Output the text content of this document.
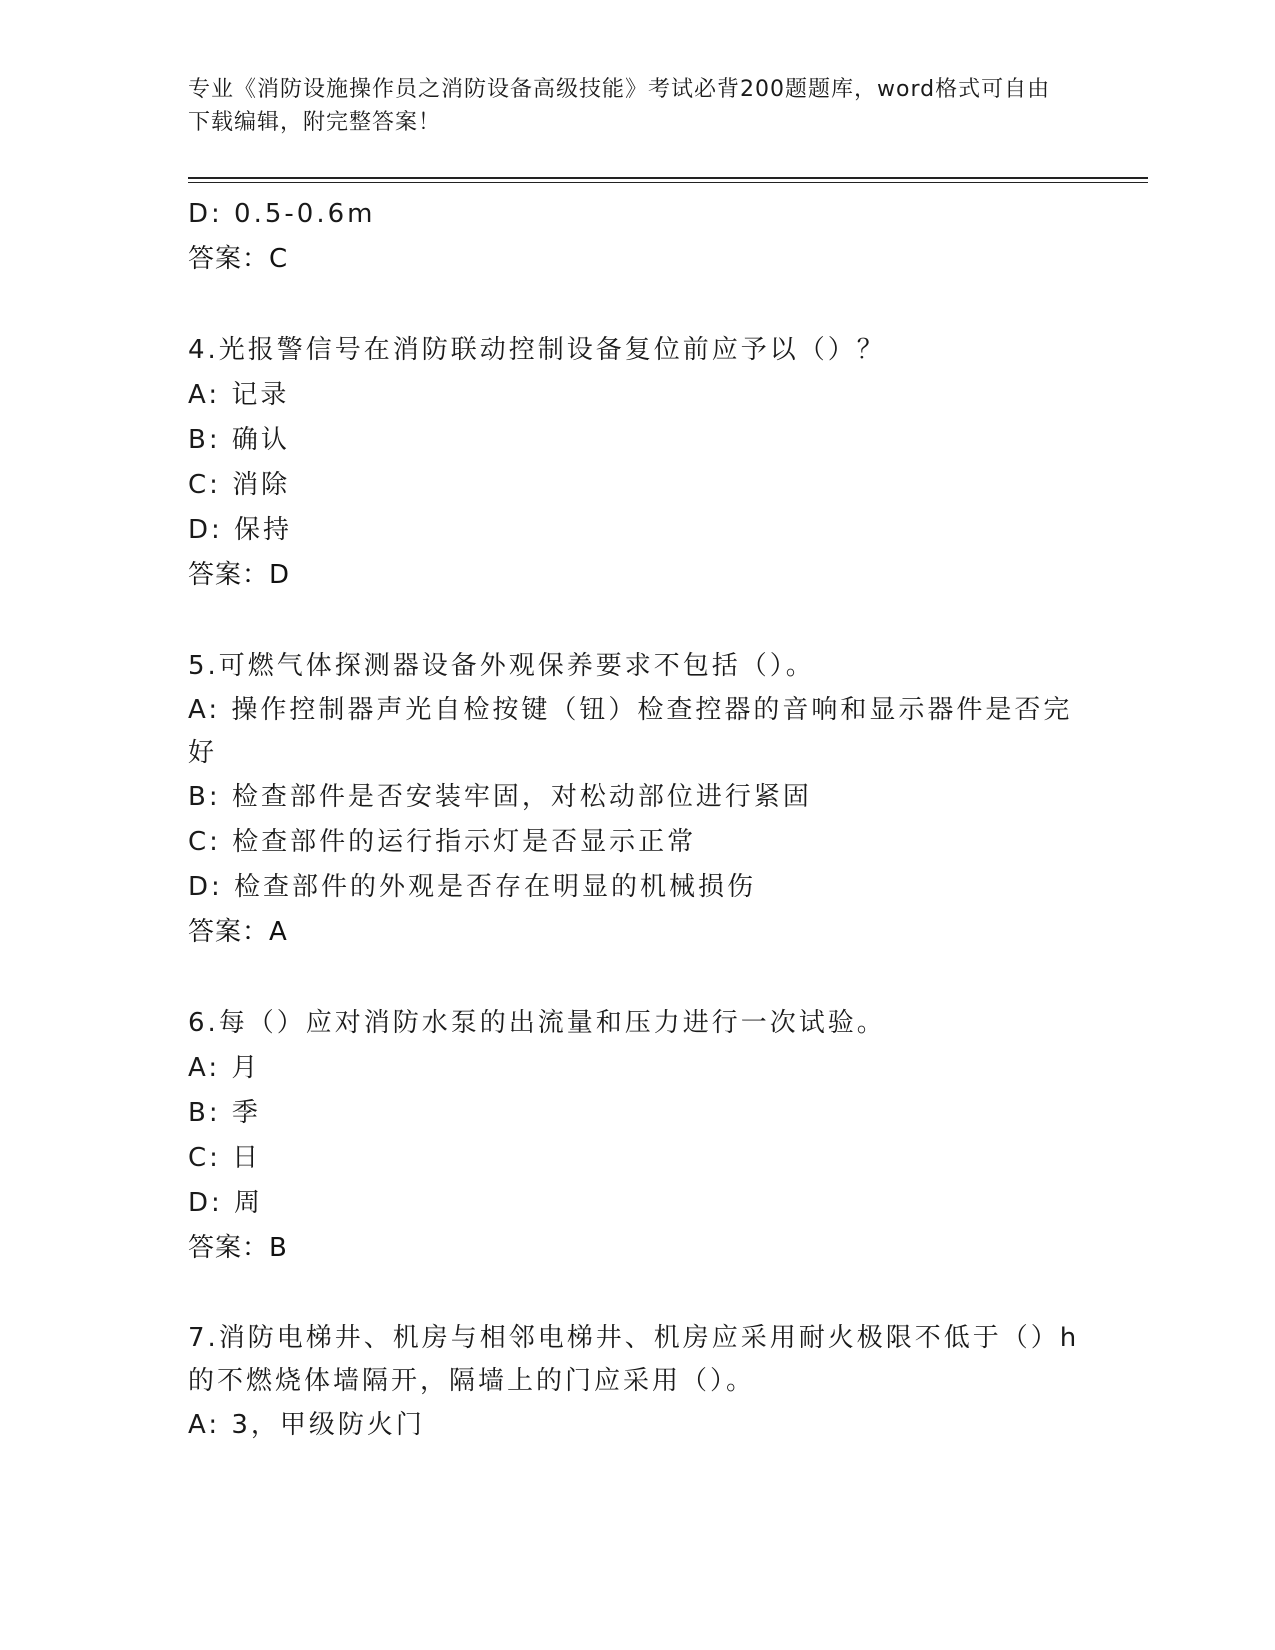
专业《消防设施操作员之消防设备高级技能》考试必背200题题库，word格式可自由下载编辑，附完整答案！

D: 0.5-0.6m

答案：C

4.光报警信号在消防联动控制设备复位前应予以（）？

A: 记录

B: 确认

C: 消除

D: 保持

答案：D

5.可燃气体探测器设备外观保养要求不包括（）。

A: 操作控制器声光自检按键（钮）检查控器的音响和显示器件是否完好

B: 检查部件是否安装牢固，对松动部位进行紧固

C: 检查部件的运行指示灯是否显示正常

D: 检查部件的外观是否存在明显的机械损伤

答案：A

6.每（）应对消防水泵的出流量和压力进行一次试验。

A: 月

B: 季

C: 日

D: 周

答案：B

7.消防电梯井、机房与相邻电梯井、机房应采用耐火极限不低于（）h的不燃烧体墙隔开，隔墙上的门应采用（）。

A: 3，甲级防火门
